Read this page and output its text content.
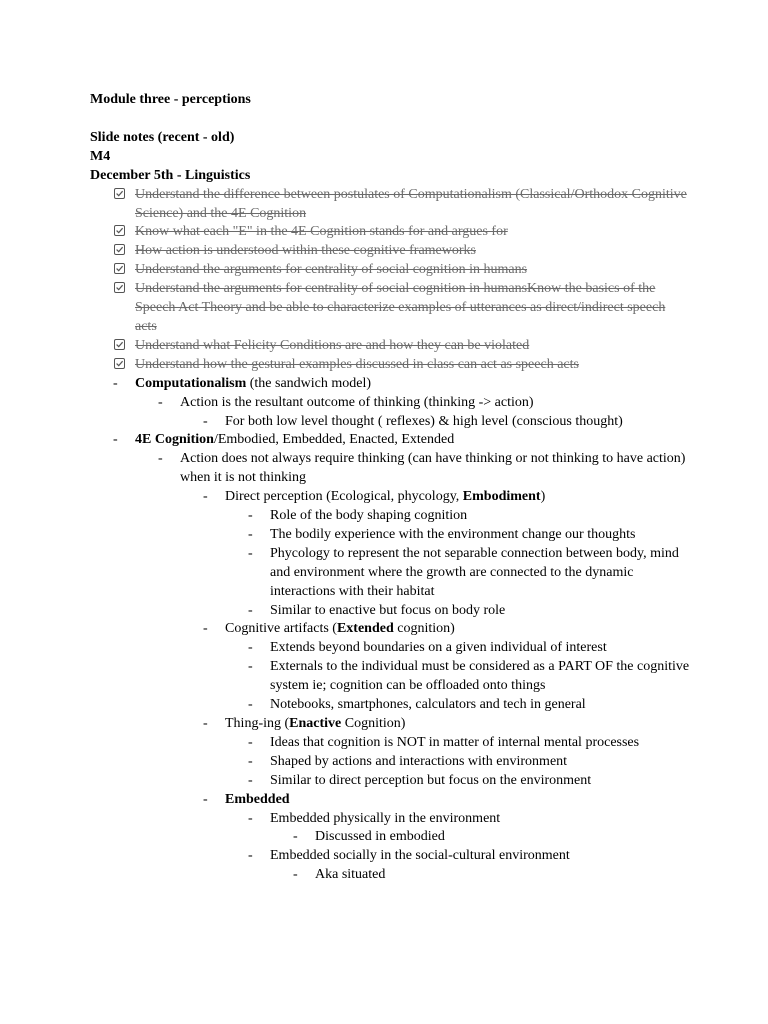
Module three - perceptions
Slide notes (recent - old)
M4
December 5th - Linguistics
Understand the difference between postulates of Computationalism (Classical/Orthodox Cognitive Science) and the 4E Cognition
Know what each "E" in the 4E Cognition stands for and argues for
How action is understood within these cognitive frameworks
Understand the arguments for centrality of social cognition in humans
Understand the arguments for centrality of social cognition in humansKnow the basics of the Speech Act Theory and be able to characterize examples of utterances as direct/indirect speech acts
Understand what Felicity Conditions are and how they can be violated
Understand how the gestural examples discussed in class can act as speech acts
- Computationalism (the sandwich model)
- Action is the resultant outcome of thinking (thinking -> action)
- For both low level thought ( reflexes) & high level (conscious thought)
- 4E Cognition/Embodied, Embedded, Enacted, Extended
- Action does not always require thinking (can have thinking or not thinking to have action) when it is not thinking
- Direct perception (Ecological, phycology, Embodiment)
- Role of the body shaping cognition
- The bodily experience with the environment change our thoughts
- Phycology to represent the not separable connection between body, mind and environment where the growth are connected to the dynamic interactions with their habitat
- Similar to enactive but focus on body role
- Cognitive artifacts (Extended cognition)
- Extends beyond boundaries on a given individual of interest
- Externals to the individual must be considered as a PART OF the cognitive system ie; cognition can be offloaded onto things
- Notebooks, smartphones, calculators and tech in general
- Thing-ing (Enactive Cognition)
- Ideas that cognition is NOT in matter of internal mental processes
- Shaped by actions and interactions with environment
- Similar to direct perception but focus on the environment
- Embedded
- Embedded physically in the environment
- Discussed in embodied
- Embedded socially in the social-cultural environment
- Aka situated
